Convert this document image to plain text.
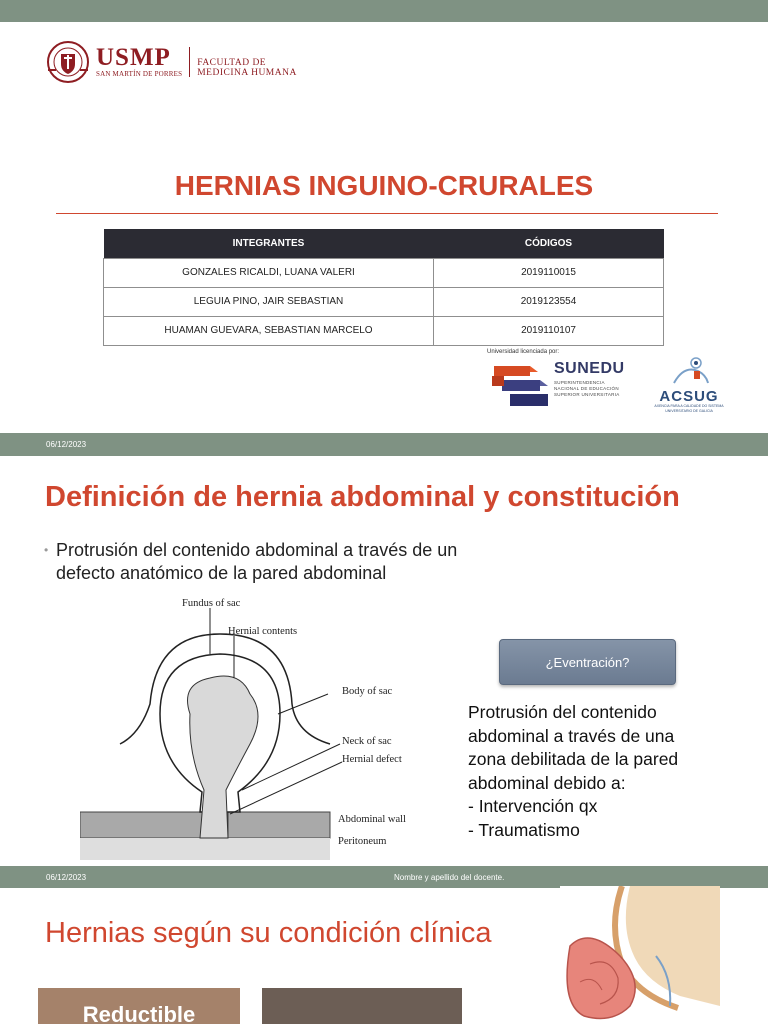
USMP
SAN MARTÍN DE PORRES
FACULTAD DE
MEDICINA HUMANA
HERNIAS INGUINO-CRURALES
INTEGRANTES	CÓDIGOS
GONZALES RICALDI, LUANA VALERI	2019110015
LEGUIA PINO, JAIR SEBASTIAN	2019123554
HUAMAN GUEVARA, SEBASTIAN MARCELO	2019110107
Universidad licenciada por:
SUNEDU
SUPERINTENDENCIA
NACIONAL DE EDUCACIÓN
SUPERIOR UNIVERSITARIA	ACSUG
AXENCIA PARA A CALIDADE DO SISTEMA
UNIVERSITARIO DE GALICIA
06/12/2023
Definición de hernia abdominal y constitución
• Protrusión del contenido abdominal a través de un defecto anatómico de la pared abdominal
Fundus of sac
Hernial contents
Body of sac
Neck of sac
Hernial defect
Abdominal wall
Peritoneum
¿Eventración?
Protrusión del contenido
abdominal a través de una
zona debilitada de la pared
abdominal debido a:
- Intervención qx
- Traumatismo
06/12/2023	Nombre y apellido del docente.
Hernias según su condición clínica
Reductible
